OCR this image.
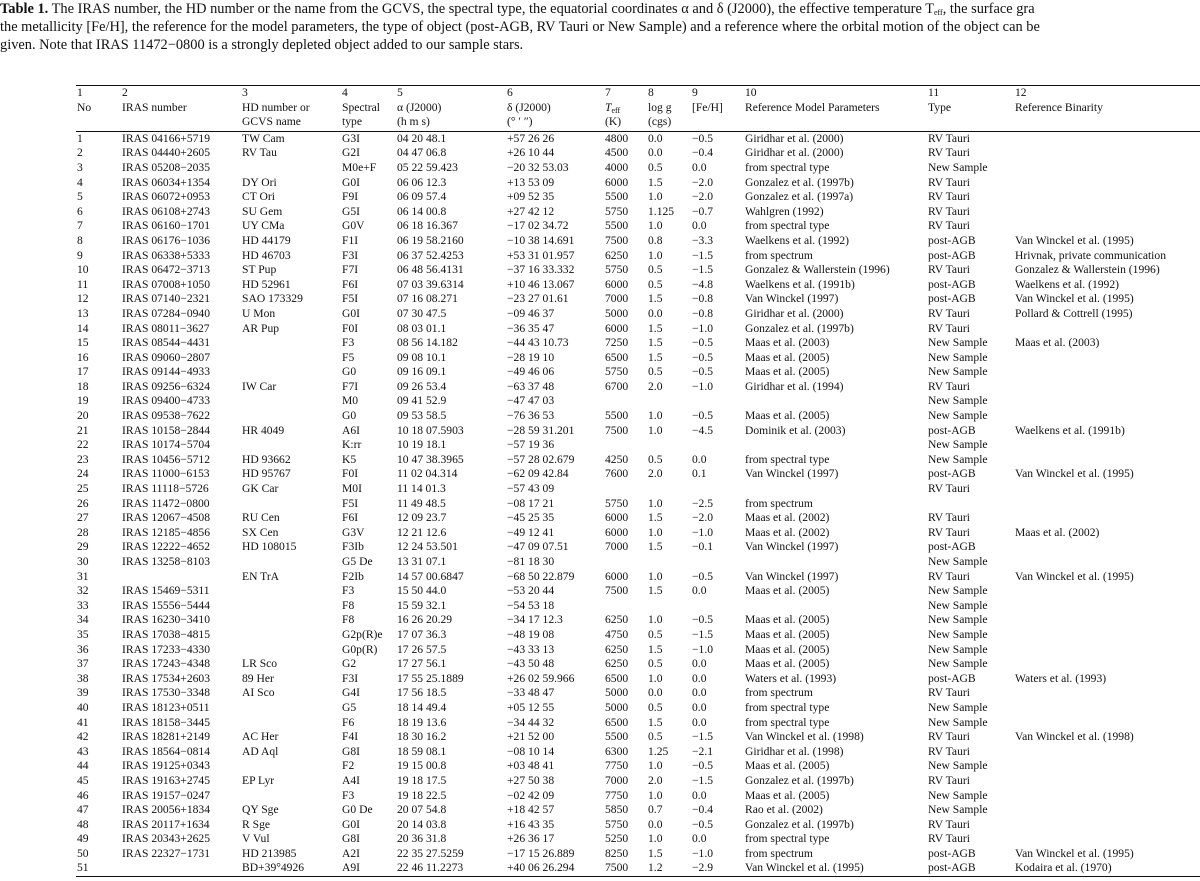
Table 1. The IRAS number, the HD number or the name from the GCVS, the spectral type, the equatorial coordinates α and δ (J2000), the effective temperature $T_{eff}$, the surface gra
the metallicity [Fe/H], the reference for the model parameters, the type of object (post-AGB, RV Tauri or New Sample) and a reference where the orbital motion of the object can be
given. Note that IRAS 11472−0800 is a strongly depleted object added to our sample stars.
1	2	3	4	5	6	7	8	9	10	11	12
No	IRAS number	HD number or	Spectral	α (J2000)	δ (J2000)	$T_{eff}$	log g	[Fe/H]	Reference Model Parameters	Type	Reference Binarity
		GCVS name	type	(h m s)	(° ′ ″)	(K)	(cgs)				
1	IRAS 04166+5719	TW Cam	G3I	04 20 48.1	+57 26 26	4800	0.0	−0.5	Giridhar et al. (2000)	RV Tauri	
2	IRAS 04440+2605	RV Tau	G2I	04 47 06.8	+26 10 44	4500	0.0	−0.4	Giridhar et al. (2000)	RV Tauri	
3	IRAS 05208−2035		M0e+F	05 22 59.423	−20 32 53.03	4000	0.5	0.0	from spectral type	New Sample	
4	IRAS 06034+1354	DY Ori	G0I	06 06 12.3	+13 53 09	6000	1.5	−2.0	Gonzalez et al. (1997b)	RV Tauri	
5	IRAS 06072+0953	CT Ori	F9I	06 09 57.4	+09 52 35	5500	1.0	−2.0	Gonzalez et al. (1997a)	RV Tauri	
6	IRAS 06108+2743	SU Gem	G5I	06 14 00.8	+27 42 12	5750	1.125	−0.7	Wahlgren (1992)	RV Tauri	
7	IRAS 06160−1701	UY CMa	G0V	06 18 16.367	−17 02 34.72	5500	1.0	0.0	from spectral type	RV Tauri	
8	IRAS 06176−1036	HD 44179	F1I	06 19 58.2160	−10 38 14.691	7500	0.8	−3.3	Waelkens et al. (1992)	post-AGB	Van Winckel et al. (1995)
9	IRAS 06338+5333	HD 46703	F3I	06 37 52.4253	+53 31 01.957	6250	1.0	−1.5	from spectrum	post-AGB	Hrivnak, private communication
10	IRAS 06472−3713	ST Pup	F7I	06 48 56.4131	−37 16 33.332	5750	0.5	−1.5	Gonzalez & Wallerstein (1996)	RV Tauri	Gonzalez & Wallerstein (1996)
11	IRAS 07008+1050	HD 52961	F6I	07 03 39.6314	+10 46 13.067	6000	0.5	−4.8	Waelkens et al. (1991b)	post-AGB	Waelkens et al. (1992)
12	IRAS 07140−2321	SAO 173329	F5I	07 16 08.271	−23 27 01.61	7000	1.5	−0.8	Van Winckel (1997)	post-AGB	Van Winckel et al. (1995)
13	IRAS 07284−0940	U Mon	G0I	07 30 47.5	−09 46 37	5000	0.0	−0.8	Giridhar et al. (2000)	RV Tauri	Pollard & Cottrell (1995)
14	IRAS 08011−3627	AR Pup	F0I	08 03 01.1	−36 35 47	6000	1.5	−1.0	Gonzalez et al. (1997b)	RV Tauri	
15	IRAS 08544−4431		F3	08 56 14.182	−44 43 10.73	7250	1.5	−0.5	Maas et al. (2003)	New Sample	Maas et al. (2003)
16	IRAS 09060−2807		F5	09 08 10.1	−28 19 10	6500	1.5	−0.5	Maas et al. (2005)	New Sample	
17	IRAS 09144−4933		G0	09 16 09.1	−49 46 06	5750	0.5	−0.5	Maas et al. (2005)	New Sample	
18	IRAS 09256−6324	IW Car	F7I	09 26 53.4	−63 37 48	6700	2.0	−1.0	Giridhar et al. (1994)	RV Tauri	
19	IRAS 09400−4733		M0	09 41 52.9	−47 47 03					New Sample	
20	IRAS 09538−7622		G0	09 53 58.5	−76 36 53	5500	1.0	−0.5	Maas et al. (2005)	New Sample	
21	IRAS 10158−2844	HR 4049	A6I	10 18 07.5903	−28 59 31.201	7500	1.0	−4.5	Dominik et al. (2003)	post-AGB	Waelkens et al. (1991b)
22	IRAS 10174−5704		K:rr	10 19 18.1	−57 19 36					New Sample	
23	IRAS 10456−5712	HD 93662	K5	10 47 38.3965	−57 28 02.679	4250	0.5	0.0	from spectral type	New Sample	
24	IRAS 11000−6153	HD 95767	F0I	11 02 04.314	−62 09 42.84	7600	2.0	0.1	Van Winckel (1997)	post-AGB	Van Winckel et al. (1995)
25	IRAS 11118−5726	GK Car	M0I	11 14 01.3	−57 43 09					RV Tauri	
26	IRAS 11472−0800		F5I	11 49 48.5	−08 17 21	5750	1.0	−2.5	from spectrum		
27	IRAS 12067−4508	RU Cen	F6I	12 09 23.7	−45 25 35	6000	1.5	−2.0	Maas et al. (2002)	RV Tauri	
28	IRAS 12185−4856	SX Cen	G3V	12 21 12.6	−49 12 41	6000	1.0	−1.0	Maas et al. (2002)	RV Tauri	Maas et al. (2002)
29	IRAS 12222−4652	HD 108015	F3Ib	12 24 53.501	−47 09 07.51	7000	1.5	−0.1	Van Winckel (1997)	post-AGB	
30	IRAS 13258−8103		G5 De	13 31 07.1	−81 18 30					New Sample	
31		EN TrA	F2Ib	14 57 00.6847	−68 50 22.879	6000	1.0	−0.5	Van Winckel (1997)	RV Tauri	Van Winckel et al. (1995)
32	IRAS 15469−5311		F3	15 50 44.0	−53 20 44	7500	1.5	0.0	Maas et al. (2005)	New Sample	
33	IRAS 15556−5444		F8	15 59 32.1	−54 53 18					New Sample	
34	IRAS 16230−3410		F8	16 26 20.29	−34 17 12.3	6250	1.0	−0.5	Maas et al. (2005)	New Sample	
35	IRAS 17038−4815		G2p(R)e	17 07 36.3	−48 19 08	4750	0.5	−1.5	Maas et al. (2005)	New Sample	
36	IRAS 17233−4330		G0p(R)	17 26 57.5	−43 33 13	6250	1.5	−1.0	Maas et al. (2005)	New Sample	
37	IRAS 17243−4348	LR Sco	G2	17 27 56.1	−43 50 48	6250	0.5	0.0	Maas et al. (2005)	New Sample	
38	IRAS 17534+2603	89 Her	F3I	17 55 25.1889	+26 02 59.966	6500	1.0	0.0	Waters et al. (1993)	post-AGB	Waters et al. (1993)
39	IRAS 17530−3348	AI Sco	G4I	17 56 18.5	−33 48 47	5000	0.0	0.0	from spectrum	RV Tauri	
40	IRAS 18123+0511		G5	18 14 49.4	+05 12 55	5000	0.5	0.0	from spectral type	New Sample	
41	IRAS 18158−3445		F6	18 19 13.6	−34 44 32	6500	1.5	0.0	from spectral type	New Sample	
42	IRAS 18281+2149	AC Her	F4I	18 30 16.2	+21 52 00	5500	0.5	−1.5	Van Winckel et al. (1998)	RV Tauri	Van Winckel et al. (1998)
43	IRAS 18564−0814	AD Aql	G8I	18 59 08.1	−08 10 14	6300	1.25	−2.1	Giridhar et al. (1998)	RV Tauri	
44	IRAS 19125+0343		F2	19 15 00.8	+03 48 41	7750	1.0	−0.5	Maas et al. (2005)	New Sample	
45	IRAS 19163+2745	EP Lyr	A4I	19 18 17.5	+27 50 38	7000	2.0	−1.5	Gonzalez et al. (1997b)	RV Tauri	
46	IRAS 19157−0247		F3	19 18 22.5	−02 42 09	7750	1.0	0.0	Maas et al. (2005)	New Sample	
47	IRAS 20056+1834	QY Sge	G0 De	20 07 54.8	+18 42 57	5850	0.7	−0.4	Rao et al. (2002)	New Sample	
48	IRAS 20117+1634	R Sge	G0I	20 14 03.8	+16 43 35	5750	0.0	−0.5	Gonzalez et al. (1997b)	RV Tauri	
49	IRAS 20343+2625	V Vul	G8I	20 36 31.8	+26 36 17	5250	1.0	0.0	from spectral type	RV Tauri	
50	IRAS 22327−1731	HD 213985	A2I	22 35 27.5259	−17 15 26.889	8250	1.5	−1.0	from spectrum	post-AGB	Van Winckel et al. (1995)
51		BD+39°4926	A9I	22 46 11.2273	+40 06 26.294	7500	1.2	−2.9	Van Winckel et al. (1995)	post-AGB	Kodaira et al. (1970)
